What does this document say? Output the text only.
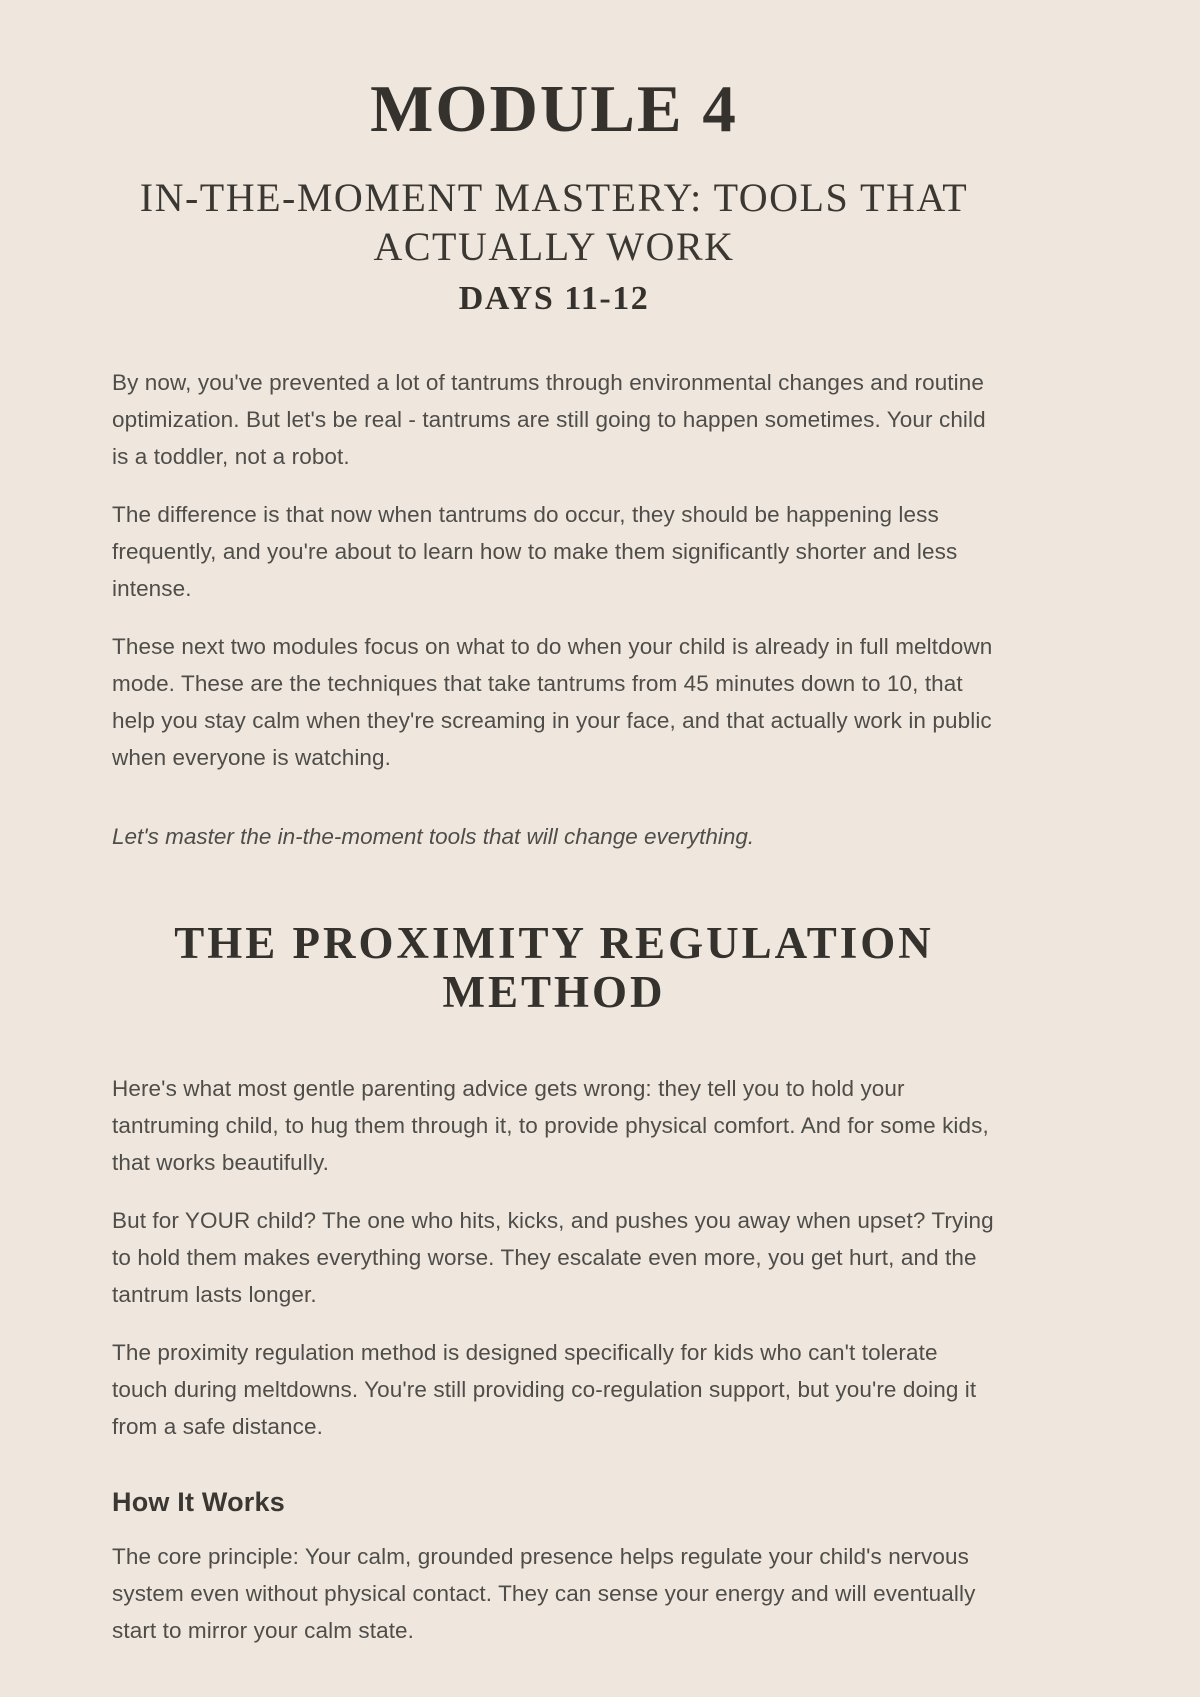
MODULE 4
IN-THE-MOMENT MASTERY: TOOLS THAT ACTUALLY WORK
DAYS 11-12

By now, you've prevented a lot of tantrums through environmental changes and routine optimization. But let's be real - tantrums are still going to happen sometimes. Your child is a toddler, not a robot.

The difference is that now when tantrums do occur, they should be happening less frequently, and you're about to learn how to make them significantly shorter and less intense.

These next two modules focus on what to do when your child is already in full meltdown mode. These are the techniques that take tantrums from 45 minutes down to 10, that help you stay calm when they're screaming in your face, and that actually work in public when everyone is watching.

Let's master the in-the-moment tools that will change everything.

THE PROXIMITY REGULATION METHOD

Here's what most gentle parenting advice gets wrong: they tell you to hold your tantruming child, to hug them through it, to provide physical comfort. And for some kids, that works beautifully.

But for YOUR child? The one who hits, kicks, and pushes you away when upset? Trying to hold them makes everything worse. They escalate even more, you get hurt, and the tantrum lasts longer.

The proximity regulation method is designed specifically for kids who can't tolerate touch during meltdowns. You're still providing co-regulation support, but you're doing it from a safe distance.

How It Works

The core principle: Your calm, grounded presence helps regulate your child's nervous system even without physical contact. They can sense your energy and will eventually start to mirror your calm state.
